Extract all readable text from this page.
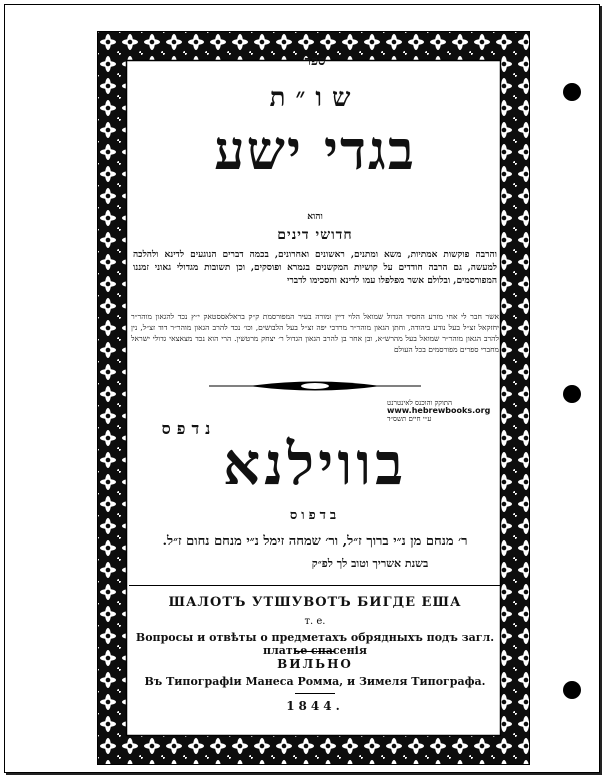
ספר

שו״ת

בגדי ישע

והוא

חדושי דינים

והרבה פוקשות אמתיות, משא ומתנים, ראשונים ואחרונים, בכמה דברים הנוגעים לדינא ולהלכה למעשה, גם הרבה חודדים על קושיות המקשנים בגמרא ופוסקים, וכן תשובות מגדולי גאוני זמננו המפורסמים, ובלולם אשר מפלפלו עמו לדינא והסכימו לדברי

אשר חבר לי אחי מזרע החסיד הגדול שמואל הלוי דיין ומורה בעיר המפורסמת ק״ק בראלאססטאק י״ץ נכד להגאון מוהר״ר יחזקאל זצ״ל בעל נודע ביהודה, וחתן הגאון מוהר״ר מרדכי יפה זצ״ל בעל הלבושים, וכו׳ נכד להרב הגאון מוהר״ר דוד זצ״ל, נין להרב הגאון מוהר״ר שמואל בעל מהרש״א, ובן אחר בן להרב הגאון הגדול ר׳ יצחק מרטשין. הרי הוא נכד מצאצאי גדולי ישראל מחברי ספרים מפורסמים בכל העולם

התוקק והוכנס לאינטרנט
www.hebrewbooks.org
ע״י חיים תשס״ד

נדפס

בווילנא

בדפוס

ר׳ מנחם מן נ״י ברוך ז״ל, ור׳ שמחה זימל נ״י מנחם נחום ז״ל.

בשנת אשריך וטוב לך לפ״ק

ШАЛОТЪ УТШУВОТЪ БИГДЕ ЕША

т. е.

Вопросы и отвѣты о предметахъ обрядныхъ подъ загл. платье спасенія

ВИЛЬНО

Въ Типографіи Манеса Ромма, и Зимеля Типографа.

1844.
